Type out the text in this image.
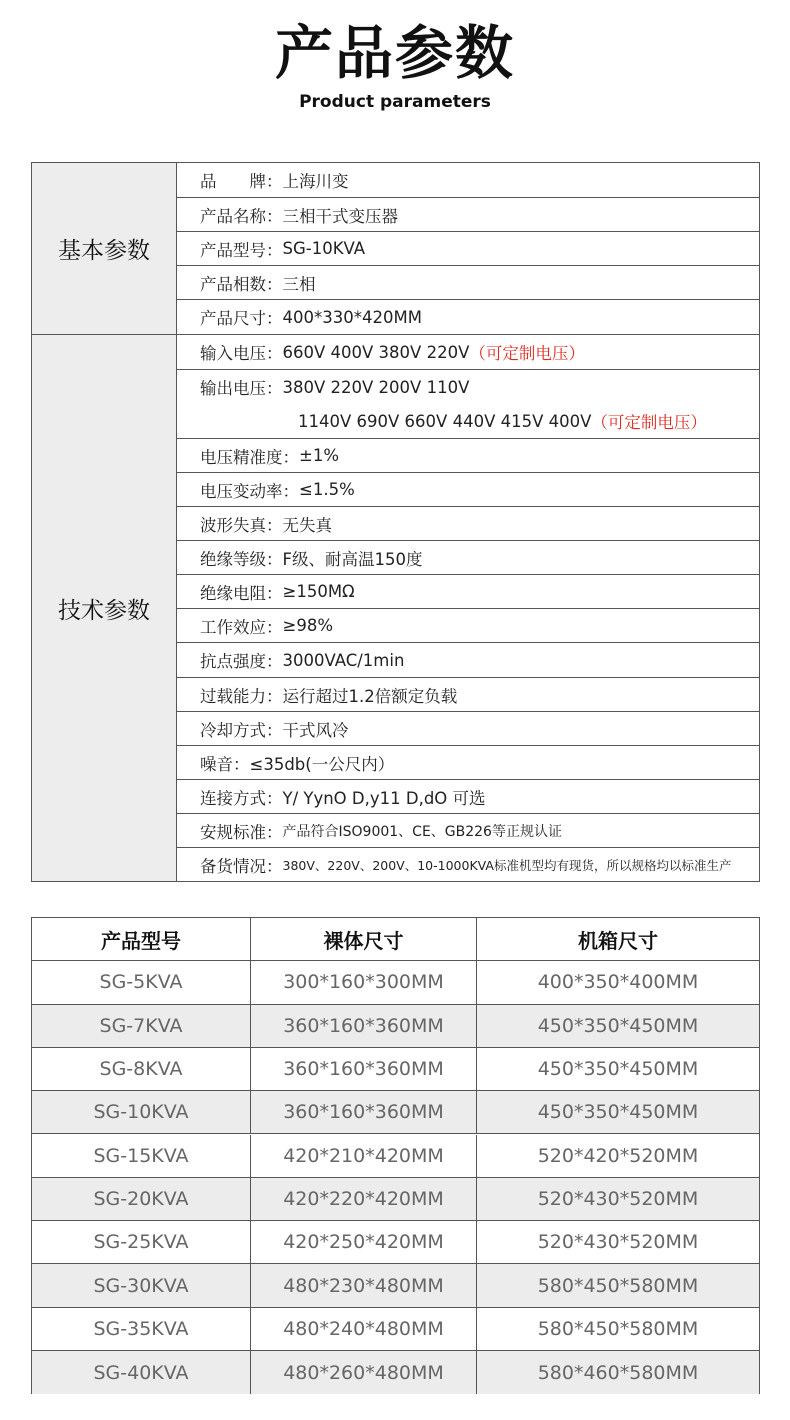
产品参数
Product parameters
基本参数
技术参数
品　　牌： 上海川变
产品名称： 三相干式变压器
产品型号： SG-10KVA
产品相数： 三相
产品尺寸： 400*330*420MM
输入电压： 660V 400V 380V 220V （可定制电压）
输出电压： 380V 220V 200V 110V
1140V 690V 660V 440V 415V 400V （可定制电压）
电压精准度： ±1%
电压变动率： ≤1.5%
波形失真： 无失真
绝缘等级： F级、耐高温150度
绝缘电阻： ≥150MΩ
工作效应： ≥98%
抗点强度： 3000VAC/1min
过载能力： 运行超过1.2倍额定负载
冷却方式： 干式风冷
噪音： ≤35db(一公尺内）
连接方式： Y/ YynO D,y11 D,dO 可选
安规标准： 产品符合ISO9001、CE、GB226等正规认证
备货情况： 380V、220V、200V、10-1000KVA标准机型均有现货，所以规格均以标准生产
产品型号	裸体尺寸	机箱尺寸
SG-5KVA	300*160*300MM	400*350*400MM
SG-7KVA	360*160*360MM	450*350*450MM
SG-8KVA	360*160*360MM	450*350*450MM
SG-10KVA	360*160*360MM	450*350*450MM
SG-15KVA	420*210*420MM	520*420*520MM
SG-20KVA	420*220*420MM	520*430*520MM
SG-25KVA	420*250*420MM	520*430*520MM
SG-30KVA	480*230*480MM	580*450*580MM
SG-35KVA	480*240*480MM	580*450*580MM
SG-40KVA	480*260*480MM	580*460*580MM
